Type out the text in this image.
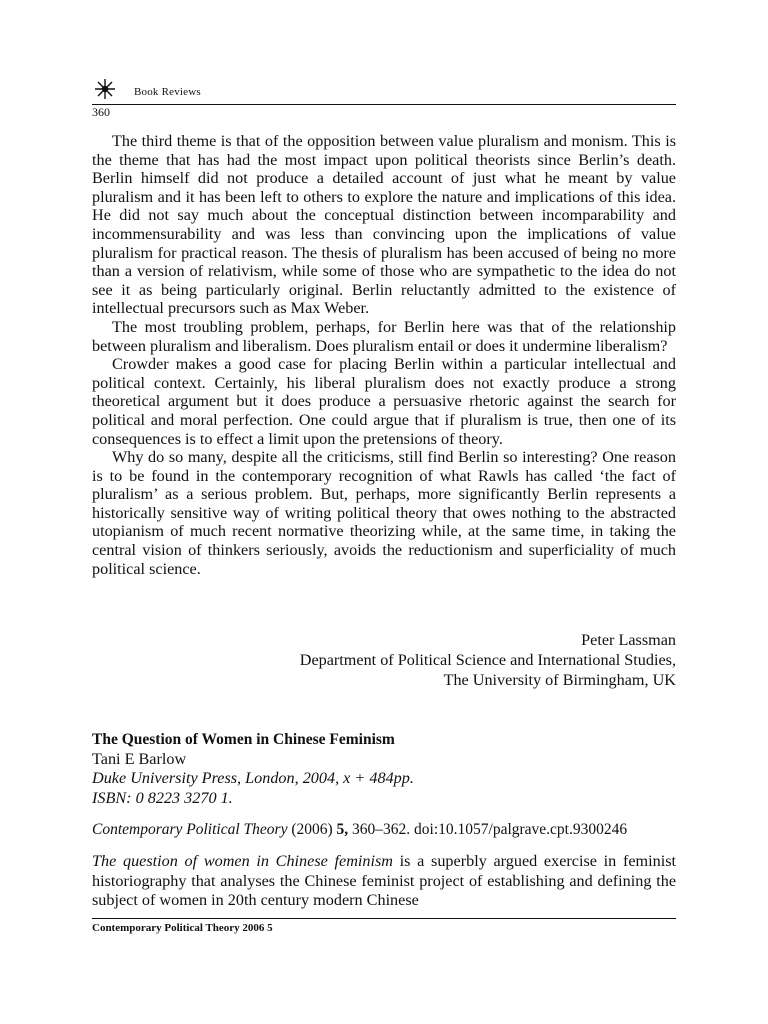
Book Reviews
360

The third theme is that of the opposition between value pluralism and monism. This is the theme that has had the most impact upon political theorists since Berlin’s death. Berlin himself did not produce a detailed account of just what he meant by value pluralism and it has been left to others to explore the nature and implications of this idea. He did not say much about the conceptual distinction between incomparability and incommensurability and was less than convincing upon the implications of value pluralism for practical reason. The thesis of pluralism has been accused of being no more than a version of relativism, while some of those who are sympathetic to the idea do not see it as being particularly original. Berlin reluctantly admitted to the existence of intellectual precursors such as Max Weber.

The most troubling problem, perhaps, for Berlin here was that of the relationship between pluralism and liberalism. Does pluralism entail or does it undermine liberalism?

Crowder makes a good case for placing Berlin within a particular intellectual and political context. Certainly, his liberal pluralism does not exactly produce a strong theoretical argument but it does produce a persuasive rhetoric against the search for political and moral perfection. One could argue that if pluralism is true, then one of its consequences is to effect a limit upon the pretensions of theory.

Why do so many, despite all the criticisms, still find Berlin so interesting? One reason is to be found in the contemporary recognition of what Rawls has called ‘the fact of pluralism’ as a serious problem. But, perhaps, more significantly Berlin represents a historically sensitive way of writing political theory that owes nothing to the abstracted utopianism of much recent normative theorizing while, at the same time, in taking the central vision of thinkers seriously, avoids the reductionism and superficiality of much political science.

Peter Lassman
Department of Political Science and International Studies,
The University of Birmingham, UK
The Question of Women in Chinese Feminism
Tani E Barlow
Duke University Press, London, 2004, x + 484pp.
ISBN: 0 8223 3270 1.
Contemporary Political Theory (2006) 5, 360–362. doi:10.1057/palgrave.cpt.9300246

The question of women in Chinese feminism is a superbly argued exercise in feminist historiography that analyses the Chinese feminist project of establishing and defining the subject of women in 20th century modern Chinese

Contemporary Political Theory 2006 5
